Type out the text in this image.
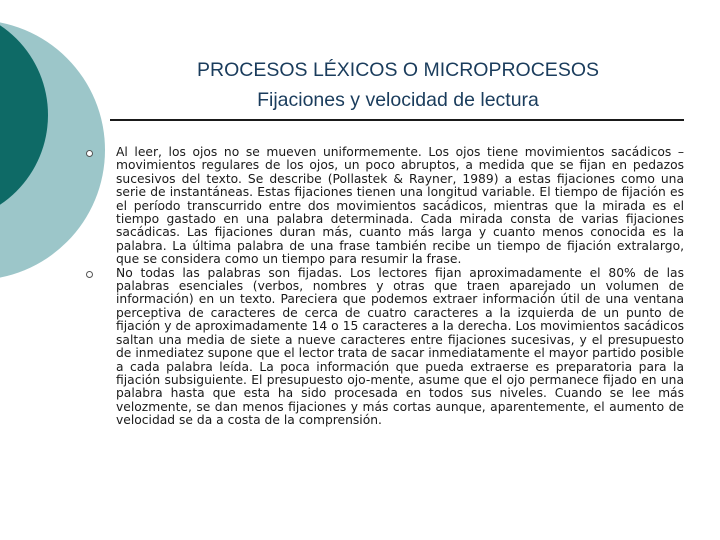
PROCESOS LÉXICOS O MICROPROCESOS
Fijaciones y velocidad de lectura

Al leer, los ojos no se mueven uniformemente. Los ojos tiene movimientos sacádicos – movimientos regulares de los ojos, un poco abruptos, a medida que se fijan en pedazos sucesivos del texto. Se describe (Pollastek & Rayner, 1989) a estas fijaciones como una serie de instantáneas. Estas fijaciones tienen una longitud variable. El tiempo de fijación es el período transcurrido entre dos movimientos sacádicos, mientras que la mirada es el tiempo gastado en una palabra determinada. Cada mirada consta de varias fijaciones sacádicas. Las fijaciones duran más, cuanto más larga y cuanto menos conocida es la palabra. La última palabra de una frase también recibe un tiempo de fijación extralargo, que se considera como un tiempo para resumir la frase.

No todas las palabras son fijadas. Los lectores fijan aproximadamente el 80% de las palabras esenciales (verbos, nombres y otras que traen aparejado un volumen de información) en un texto. Pareciera que podemos extraer información útil de una ventana perceptiva de caracteres de cerca de cuatro caracteres a la izquierda de un punto de fijación y de aproximadamente 14 o 15 caracteres a la derecha. Los movimientos sacádicos saltan una media de siete a nueve caracteres entre fijaciones sucesivas, y el presupuesto de inmediatez supone que el lector trata de sacar inmediatamente el mayor partido posible a cada palabra leída. La poca información que pueda extraerse es preparatoria para la fijación subsiguiente. El presupuesto ojo-mente, asume que el ojo permanece fijado en una palabra hasta que esta ha sido procesada en todos sus niveles. Cuando se lee más velozmente, se dan menos fijaciones y más cortas aunque, aparentemente, el aumento de velocidad se da a costa de la comprensión.
